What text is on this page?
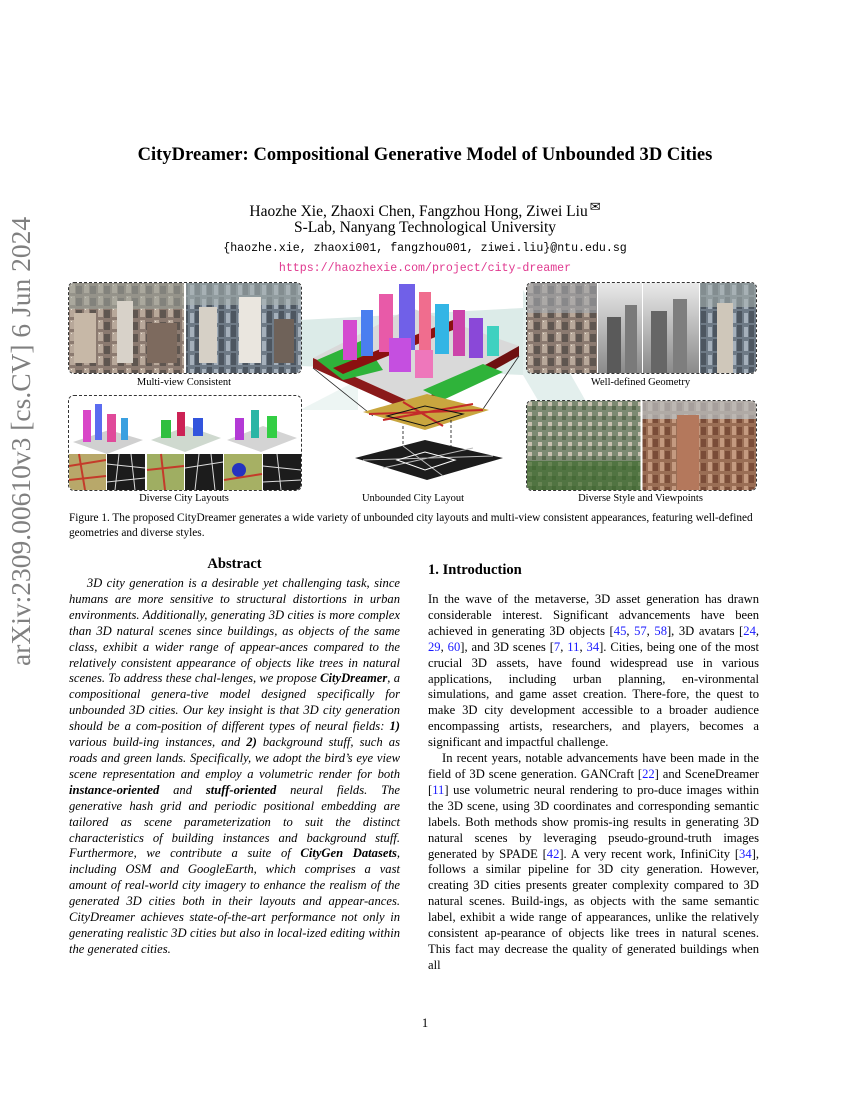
arXiv:2309.00610v3 [cs.CV] 6 Jun 2024
CityDreamer: Compositional Generative Model of Unbounded 3D Cities
Haozhe Xie, Zhaoxi Chen, Fangzhou Hong, Ziwei Liu ✉
S-Lab, Nanyang Technological University
{haozhe.xie, zhaoxi001, fangzhou001, ziwei.liu}@ntu.edu.sg
https://haozhexie.com/project/city-dreamer
Multi-view Consistent
Diverse City Layouts	Unbounded City Layout
Well-defined Geometry
Diverse Style and Viewpoints
Figure 1. The proposed CityDreamer generates a wide variety of unbounded city layouts and multi-view consistent appearances, featuring well-defined geometries and diverse styles.
Abstract
3D city generation is a desirable yet challenging task, since humans are more sensitive to structural distortions in urban environments. Additionally, generating 3D cities is more complex than 3D natural scenes since buildings, as objects of the same class, exhibit a wider range of appear-ances compared to the relatively consistent appearance of objects like trees in natural scenes. To address these chal-lenges, we propose CityDreamer, a compositional genera-tive model designed specifically for unbounded 3D cities. Our key insight is that 3D city generation should be a com-position of different types of neural fields: 1) various build-ing instances, and 2) background stuff, such as roads and green lands. Specifically, we adopt the bird’s eye view scene representation and employ a volumetric render for both instance-oriented and stuff-oriented neural fields. The generative hash grid and periodic positional embedding are tailored as scene parameterization to suit the distinct characteristics of building instances and background stuff. Furthermore, we contribute a suite of CityGen Datasets, including OSM and GoogleEarth, which comprises a vast amount of real-world city imagery to enhance the realism of the generated 3D cities both in their layouts and appear-ances. CityDreamer achieves state-of-the-art performance not only in generating realistic 3D cities but also in local-ized editing within the generated cities.
1. Introduction

In the wave of the metaverse, 3D asset generation has drawn considerable interest. Significant advancements have been achieved in generating 3D objects [45, 57, 58], 3D avatars [24, 29, 60], and 3D scenes [7, 11, 34]. Cities, being one of the most crucial 3D assets, have found widespread use in various applications, including urban planning, en-vironmental simulations, and game asset creation. There-fore, the quest to make 3D city development accessible to a broader audience encompassing artists, researchers, and players, becomes a significant and impactful challenge.

In recent years, notable advancements have been made in the field of 3D scene generation. GANCraft [22] and SceneDreamer [11] use volumetric neural rendering to pro-duce images within the 3D scene, using 3D coordinates and corresponding semantic labels. Both methods show promis-ing results in generating 3D natural scenes by leveraging pseudo-ground-truth images generated by SPADE [42]. A very recent work, InfiniCity [34], follows a similar pipeline for 3D city generation. However, creating 3D cities presents greater complexity compared to 3D natural scenes. Build-ings, as objects with the same semantic label, exhibit a wide range of appearances, unlike the relatively consistent ap-pearance of objects like trees in natural scenes. This fact may decrease the quality of generated buildings when all

1
